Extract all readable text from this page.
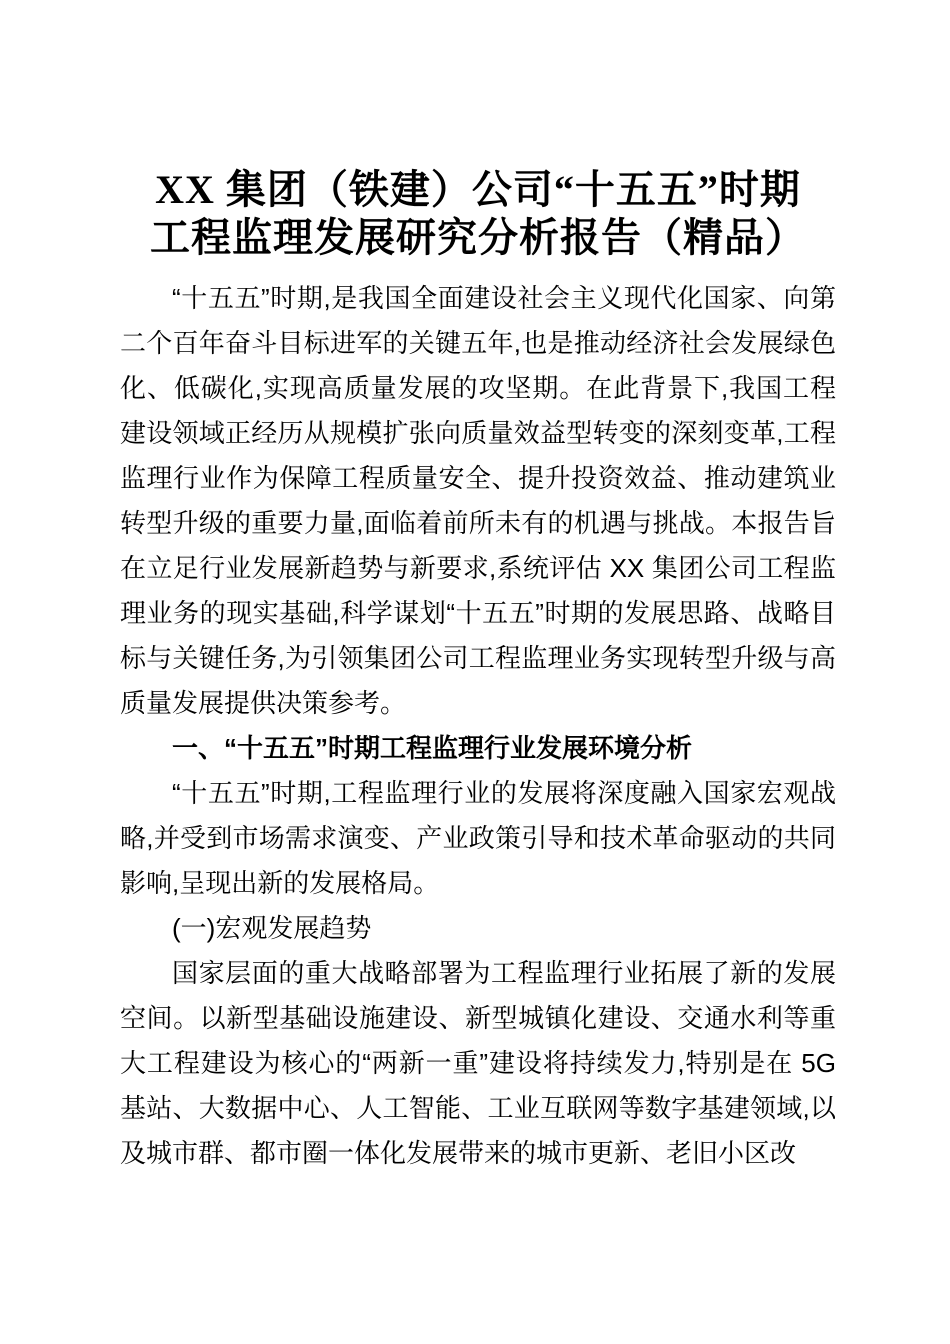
XX 集团（铁建）公司“十五五”时期
工程监理发展研究分析报告（精品）

“十五五”时期,是我国全面建设社会主义现代化国家、向第二个百年奋斗目标进军的关键五年,也是推动经济社会发展绿色化、低碳化,实现高质量发展的攻坚期。在此背景下,我国工程建设领域正经历从规模扩张向质量效益型转变的深刻变革,工程监理行业作为保障工程质量安全、提升投资效益、推动建筑业转型升级的重要力量,面临着前所未有的机遇与挑战。本报告旨在立足行业发展新趋势与新要求,系统评估 XX 集团公司工程监理业务的现实基础,科学谋划“十五五”时期的发展思路、战略目标与关键任务,为引领集团公司工程监理业务实现转型升级与高质量发展提供决策参考。

一、“十五五”时期工程监理行业发展环境分析

“十五五”时期,工程监理行业的发展将深度融入国家宏观战略,并受到市场需求演变、产业政策引导和技术革命驱动的共同影响,呈现出新的发展格局。

(一)宏观发展趋势

国家层面的重大战略部署为工程监理行业拓展了新的发展空间。以新型基础设施建设、新型城镇化建设、交通水利等重大工程建设为核心的“两新一重”建设将持续发力,特别是在 5G 基站、大数据中心、人工智能、工业互联网等数字基建领域,以及城市群、都市圈一体化发展带来的城市更新、老旧小区改
